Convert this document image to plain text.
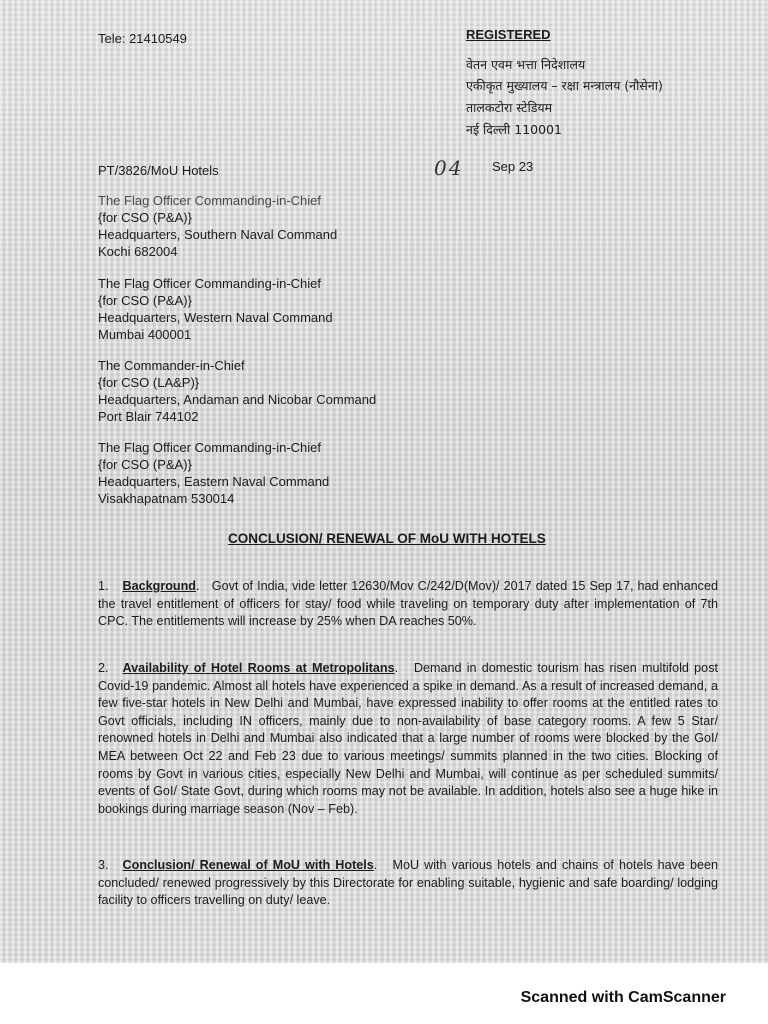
Tele: 21410549	REGISTERED
वेतन एवम भत्ता निदेशालय
एकीकृत मुख्यालय – रक्षा मन्त्रालय (नौसेना)
तालकटोरा स्टेडियम
नई दिल्ली 110001
PT/3826/MoU Hotels	04 Sep 23
The Flag Officer Commanding-in-Chief
{for CSO (P&A)}
Headquarters, Southern Naval Command
Kochi 682004
The Flag Officer Commanding-in-Chief
{for CSO (P&A)}
Headquarters, Western Naval Command
Mumbai 400001
The Commander-in-Chief
{for CSO (LA&P)}
Headquarters, Andaman and Nicobar Command
Port Blair 744102
The Flag Officer Commanding-in-Chief
{for CSO (P&A)}
Headquarters, Eastern Naval Command
Visakhapatnam 530014
CONCLUSION/ RENEWAL OF MoU WITH HOTELS
1. Background.   Govt of India, vide letter 12630/Mov C/242/D(Mov)/ 2017 dated 15 Sep 17, had enhanced the travel entitlement of officers for stay/ food while traveling on temporary duty after implementation of 7th CPC. The entitlements will increase by 25% when DA reaches 50%.
2. Availability of Hotel Rooms at Metropolitans.   Demand in domestic tourism has risen multifold post Covid-19 pandemic. Almost all hotels have experienced a spike in demand. As a result of increased demand, a few five-star hotels in New Delhi and Mumbai, have expressed inability to offer rooms at the entitled rates to Govt officials, including IN officers, mainly due to non-availability of base category rooms. A few 5 Star/ renowned hotels in Delhi and Mumbai also indicated that a large number of rooms were blocked by the GoI/ MEA between Oct 22 and Feb 23 due to various meetings/ summits planned in the two cities. Blocking of rooms by Govt in various cities, especially New Delhi and Mumbai, will continue as per scheduled summits/ events of GoI/ State Govt, during which rooms may not be available. In addition, hotels also see a huge hike in bookings during marriage season (Nov – Feb).
3. Conclusion/ Renewal of MoU with Hotels.   MoU with various hotels and chains of hotels have been concluded/ renewed progressively by this Directorate for enabling suitable, hygienic and safe boarding/ lodging facility to officers travelling on duty/ leave.
Scanned with CamScanner
